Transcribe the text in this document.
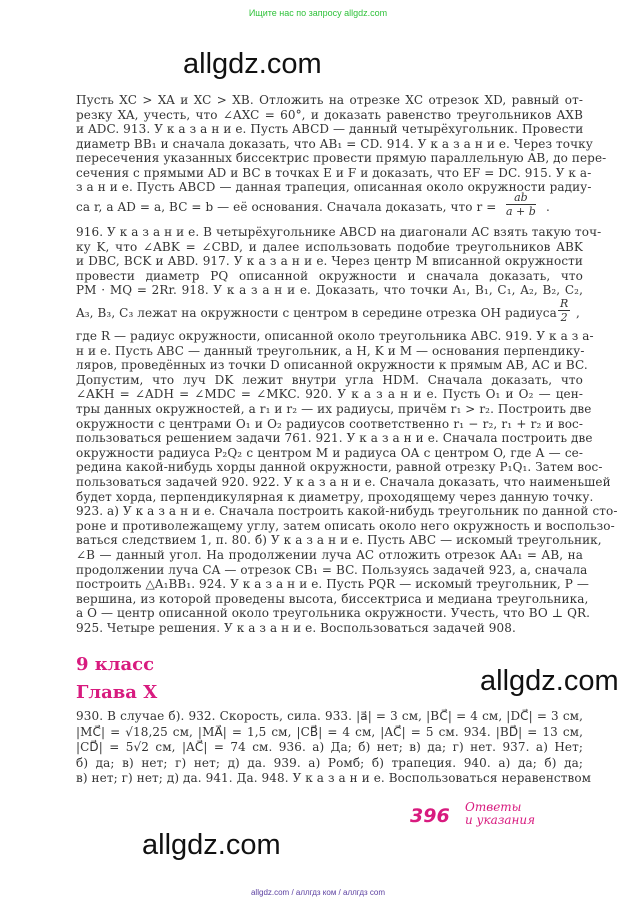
Ищите нас по запросу allgdz.com
allgdz.com
allgdz.com
allgdz.com
Пусть XC > XA и XC > XB. Отложить на отрезке XC отрезок XD, равный от-
резку XA, учесть, что ∠AXC = 60°, и доказать равенство треугольников AXB
и ADC. 913. У к а з а н и е. Пусть ABCD — данный четырёхугольник. Провести
диаметр BB₁ и сначала доказать, что AB₁ = CD. 914. У к а з а н и е. Через точку
пересечения указанных биссектрис провести прямую параллельную AB, до пере-
сечения с прямыми AD и BC в точках E и F и доказать, что EF = DC. 915. У к а-
з а н и е. Пусть ABCD — данная трапеция, описанная около окружности радиу-
са r, а AD = a, BC = b — её основания. Сначала доказать, что $r = \frac{ab}{a + b}$ .
916. У к а з а н и е. В четырёхугольнике ABCD на диагонали AC взять такую точ-
ку K, что ∠ABK = ∠CBD, и далее использовать подобие треугольников ABK
и DBC, BCK и ABD. 917. У к а з а н и е. Через центр M вписанной окружности
провести диаметр PQ описанной окружности и сначала доказать, что
PM · MQ = 2Rr. 918. У к а з а н и е. Доказать, что точки A₁, B₁, C₁, A₂, B₂, C₂,
A₃, B₃, C₃ лежат на окружности с центром в середине отрезка OH радиуса $\frac{R}{2}$ ,
где R — радиус окружности, описанной около треугольника ABC. 919. У к а з а-
н и е. Пусть ABC — данный треугольник, а H, K и M — основания перпендику-
ляров, проведённых из точки D описанной окружности к прямым AB, AC и BC.
Допустим, что луч DK лежит внутри угла HDM. Сначала доказать, что
∠AKH = ∠ADH = ∠MDC = ∠MKC. 920. У к а з а н и е. Пусть O₁ и O₂ — цен-
тры данных окружностей, а r₁ и r₂ — их радиусы, причём r₁ > r₂. Построить две
окружности с центрами O₁ и O₂ радиусов соответственно r₁ − r₂, r₁ + r₂ и вос-
пользоваться решением задачи 761. 921. У к а з а н и е. Сначала построить две
окружности радиуса P₂Q₂ с центром M и радиуса OA с центром O, где A — се-
редина какой-нибудь хорды данной окружности, равной отрезку P₁Q₁. Затем вос-
пользоваться задачей 920. 922. У к а з а н и е. Сначала доказать, что наименьшей
будет хорда, перпендикулярная к диаметру, проходящему через данную точку.
923. а) У к а з а н и е. Сначала построить какой-нибудь треугольник по данной сто-
роне и противолежащему углу, затем описать около него окружность и воспользо-
ваться следствием 1, п. 80. б) У к а з а н и е. Пусть ABC — искомый треугольник,
∠B — данный угол. На продолжении луча AC отложить отрезок AA₁ = AB, на
продолжении луча CA — отрезок CB₁ = BC. Пользуясь задачей 923, а, сначала
построить △A₁BB₁. 924. У к а з а н и е. Пусть PQR — искомый треугольник, P —
вершина, из которой проведены высота, биссектриса и медиана треугольника,
а O — центр описанной около треугольника окружности. Учесть, что BO ⊥ QR.
925. Четыре решения. У к а з а н и е. Воспользоваться задачей 908.
9 класс
Глава X
930. В случае б). 932. Скорость, сила. 933. |a⃗| = 3 см, |BC⃗| = 4 см, |DC⃗| = 3 см,
|MC⃗| = √18,25 см, |MA⃗| = 1,5 см, |CB⃗| = 4 см, |AC⃗| = 5 см. 934. |BD⃗| = 13 см,
|CD⃗| = 5√2 см, |AC⃗| = 74 см. 936. а) Да; б) нет; в) да; г) нет. 937. а) Нет;
б) да; в) нет; г) нет; д) да. 939. а) Ромб; б) трапеция. 940. а) да; б) да;
в) нет; г) нет; д) да. 941. Да. 948. У к а з а н и е. Воспользоваться неравенством
396 Ответы
и указания
allgdz.com / аллгдз ком / аллгдз com
